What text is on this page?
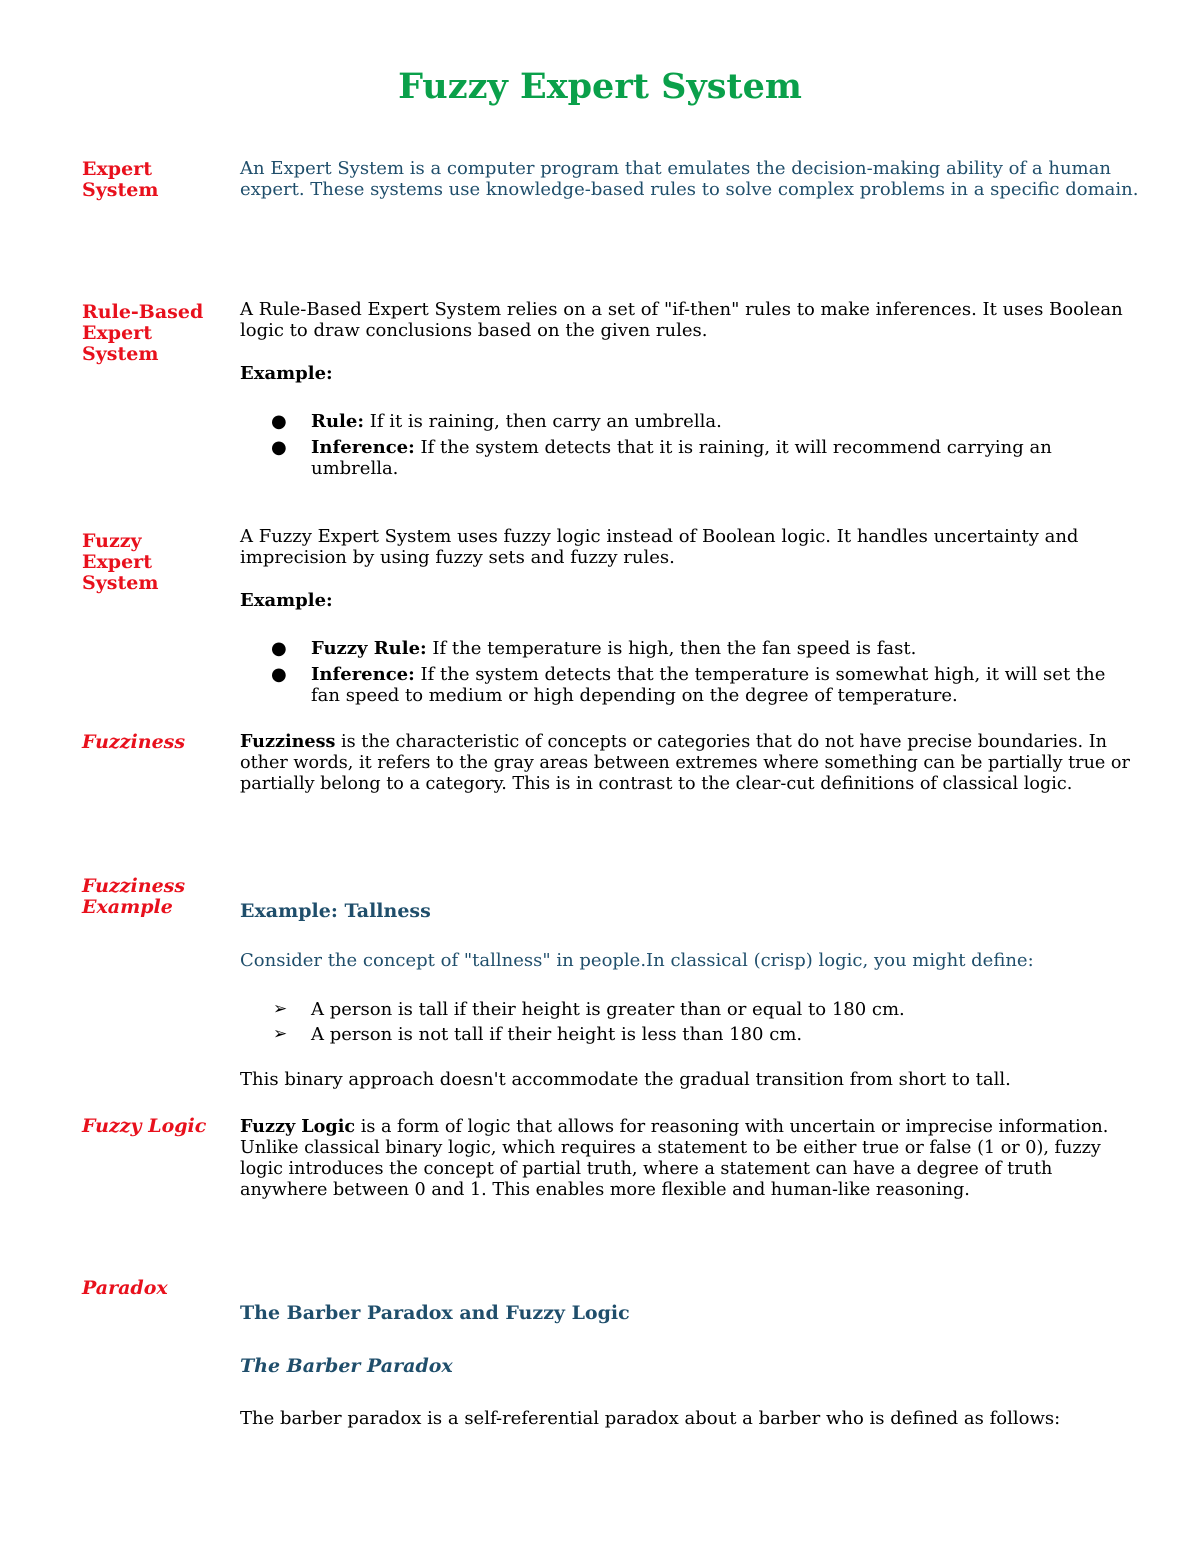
Fuzzy Expert System
Expert
System

An Expert System is a computer program that emulates the decision-making ability of a human expert. These systems use knowledge-based rules to solve complex problems in a specific domain.

Rule-Based
Expert
System

A Rule-Based Expert System relies on a set of "if-then" rules to make inferences. It uses Boolean logic to draw conclusions based on the given rules.

Example:

● Rule: If it is raining, then carry an umbrella.
● Inference: If the system detects that it is raining, it will recommend carrying an umbrella.
Fuzzy
Expert
System

A Fuzzy Expert System uses fuzzy logic instead of Boolean logic. It handles uncertainty and imprecision by using fuzzy sets and fuzzy rules.

Example:

● Fuzzy Rule: If the temperature is high, then the fan speed is fast.
● Inference: If the system detects that the temperature is somewhat high, it will set the fan speed to medium or high depending on the degree of temperature.
Fuzziness	Fuzziness is the characteristic of concepts or categories that do not have precise boundaries. In other words, it refers to the gray areas between extremes where something can be partially true or partially belong to a category. This is in contrast to the clear-cut definitions of classical logic.

Fuzziness
Example	Example: Tallness

Consider the concept of "tallness" in people.In classical (crisp) logic, you might define:

➢ A person is tall if their height is greater than or equal to 180 cm.
➢ A person is not tall if their height is less than 180 cm.

This binary approach doesn't accommodate the gradual transition from short to tall.

Fuzzy Logic	Fuzzy Logic is a form of logic that allows for reasoning with uncertain or imprecise information. Unlike classical binary logic, which requires a statement to be either true or false (1 or 0), fuzzy logic introduces the concept of partial truth, where a statement can have a degree of truth anywhere between 0 and 1. This enables more flexible and human-like reasoning.

Paradox

The Barber Paradox and Fuzzy Logic

The Barber Paradox

The barber paradox is a self-referential paradox about a barber who is defined as follows:
